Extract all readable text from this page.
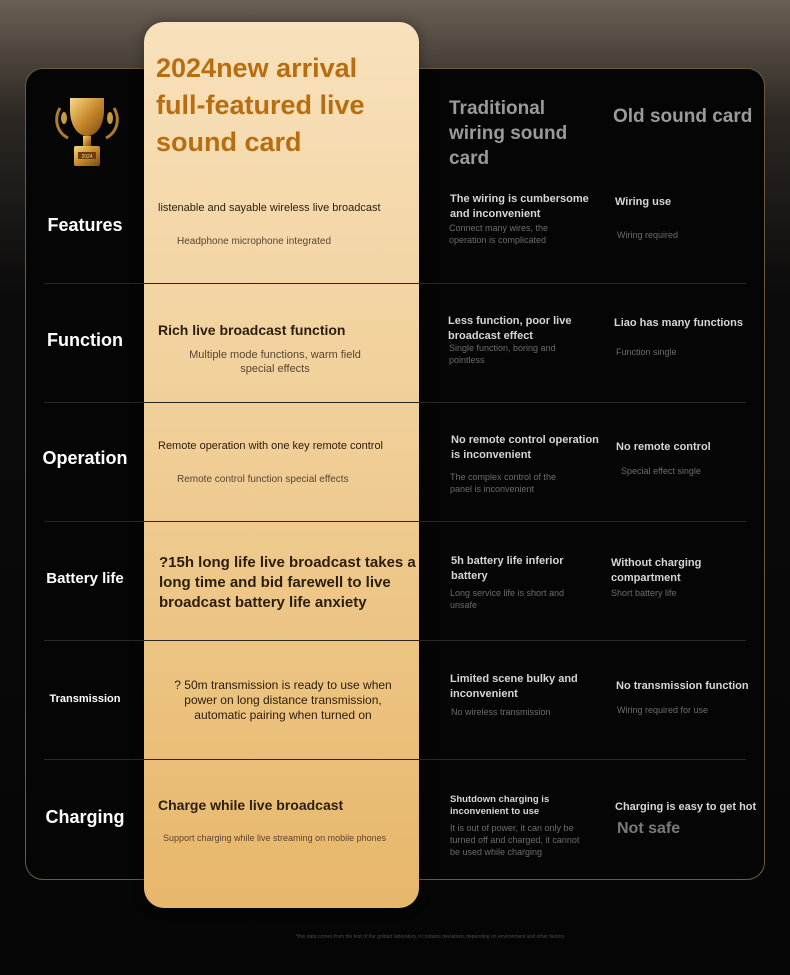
2024new arrival full-featured live sound card
2024
Traditional wiring sound card
Old sound card
Features
listenable and sayable wireless live broadcast
Headphone microphone integrated
The wiring is cumbersome and inconvenient
Connect many wires, the operation is complicated
Wiring use
Wiring required
Function	Rich live broadcast function
Multiple mode functions, warm field special effects
Less function, poor live broadcast effect
Single function, boring and pointless
Liao has many functions
Function single
Operation
Remote operation with one key remote control
Remote control function special effects
No remote control operation is inconvenient
The complex control of the panel is inconvenient
No remote control
Special effect single
Battery life
?15h long life live broadcast takes a long time and bid farewell to live broadcast battery life anxiety
5h battery life inferior battery
Long service life is short and unsafe
Without charging compartment
Short battery life
Transmission
? 50m transmission is ready to use when power on long distance transmission, automatic pairing when turned on
Limited scene bulky and inconvenient
No wireless transmission
No transmission function
Wiring required for use
Charging
Charge while live broadcast
Support charging while live streaming on mobile phones
Shutdown charging is inconvenient to use
It is out of power, it can only be turned off and charged, it cannot be used while charging
Charging is easy to get hot
Not safe
*this data comes from the test of the goldart laboratory, it contains deviations depending on environment and other factors
